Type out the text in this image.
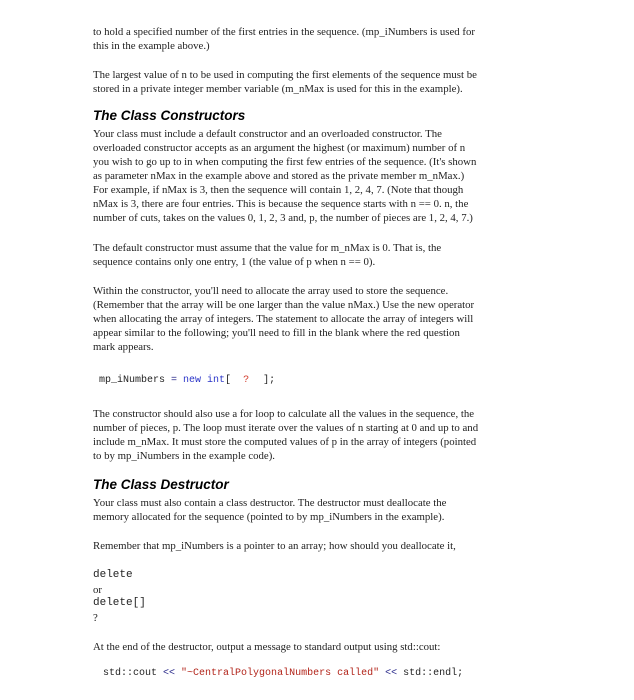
to hold a specified number of the first entries in the sequence. (mp_iNumbers is used for

this in the example above.)

The largest value of n to be used in computing the first elements of the sequence must be

stored in a private integer member variable (m_nMax is used for this in the example).

The Class Constructors

Your class must include a default constructor and an overloaded constructor. The

overloaded constructor accepts as an argument the highest (or maximum) number of n

you wish to go up to in when computing the first few entries of the sequence. (It's shown

as parameter nMax in the example above and stored as the private member m_nMax.)

For example, if nMax is 3, then the sequence will contain 1, 2, 4, 7. (Note that though

nMax is 3, there are four entries. This is because the sequence starts with n == 0. n, the

number of cuts, takes on the values 0, 1, 2, 3 and, p, the number of pieces are 1, 2, 4, 7.)

The default constructor must assume that the value for m_nMax is 0. That is, the

sequence contains only one entry, 1 (the value of p when n == 0).

Within the constructor, you'll need to allocate the array used to store the sequence.

(Remember that the array will be one larger than the value nMax.) Use the new operator

when allocating the array of integers. The statement to allocate the array of integers will

appear similar to the following; you'll need to fill in the blank where the red question

mark appears.

mp_iNumbers = new int[ ? ];

The constructor should also use a for loop to calculate all the values in the sequence, the

number of pieces, p. The loop must iterate over the values of n starting at 0 and up to and

include m_nMax. It must store the computed values of p in the array of integers (pointed

to by mp_iNumbers in the example code).

The Class Destructor

Your class must also contain a class destructor. The destructor must deallocate the

memory allocated for the sequence (pointed to by mp_iNumbers in the example).

Remember that mp_iNumbers is a pointer to an array; how should you deallocate it,

delete

or

delete[]

?

At the end of the destructor, output a message to standard output using std::cout:

std::cout << "~CentralPolygonalNumbers called" << std::endl;
